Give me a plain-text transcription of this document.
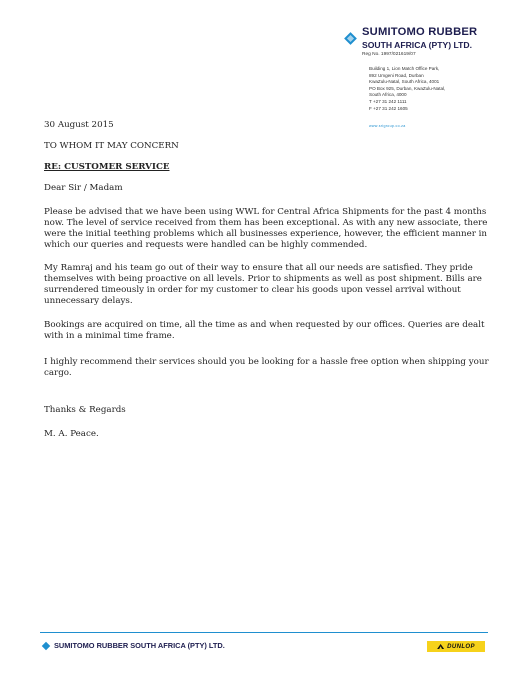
SUMITOMO RUBBER
SOUTH AFRICA (PTY) LTD.
Reg No. 1997/021619/07
Building 1, Lion Match Office Park,
892 Umgeni Road, Durban
KwaZulu-Natal, South Africa, 4001
PO Box 925, Durban, KwaZulu-Natal,
South Africa, 4000
T +27 31 242 1111
F +27 31 242 1605
www.srigroup.co.za
30 August 2015
TO WHOM IT MAY CONCERN
RE: CUSTOMER SERVICE
Dear Sir / Madam
Please be advised that we have been using WWL for Central Africa Shipments for the past 4 months now. The level of service received from them has been exceptional. As with any new associate, there were the initial teething problems which all businesses experience, however, the efficient manner in which our queries and requests were handled can be highly commended.
My Ramraj and his team go out of their way to ensure that all our needs are satisfied. They pride themselves with being proactive on all levels. Prior to shipments as well as post shipment. Bills are surrendered timeously in order for my customer to clear his goods upon vessel arrival without unnecessary delays.
Bookings are acquired on time, all the time as and when requested by our offices. Queries are dealt with in a minimal time frame.
I highly recommend their services should you be looking for a hassle free option when shipping your cargo.
Thanks & Regards
M. A. Peace.
SUMITOMO RUBBER SOUTH AFRICA (PTY) LTD.	DUNLOP
